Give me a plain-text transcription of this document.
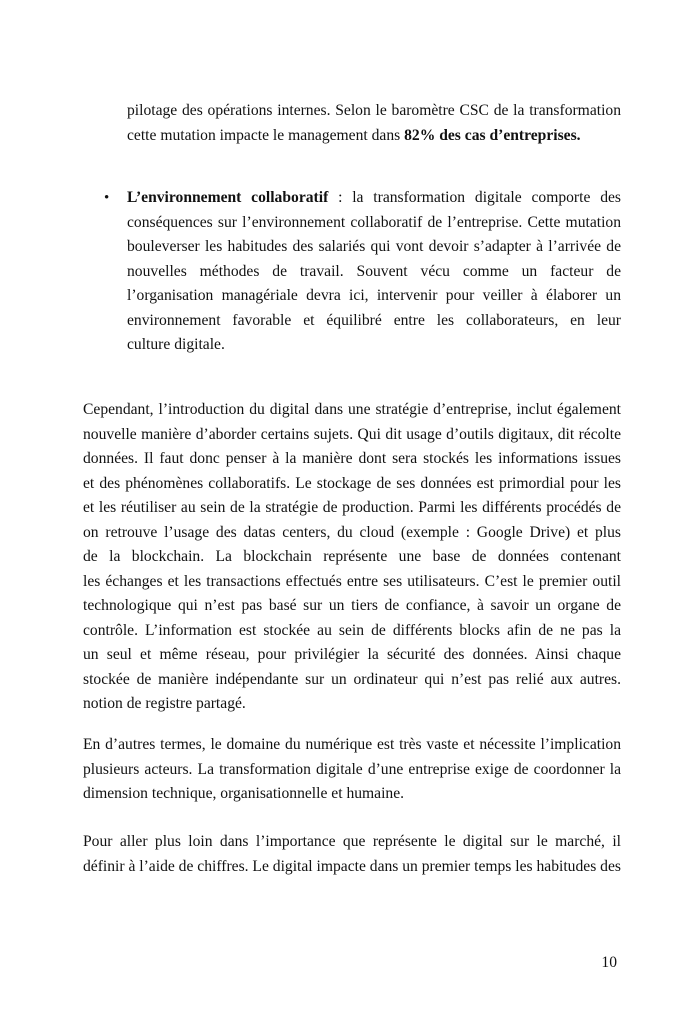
pilotage des opérations internes. Selon le baromètre CSC de la transformation
cette mutation impacte le management dans 82% des cas d’entreprises.
• L’environnement collaboratif : la transformation digitale comporte des
conséquences sur l’environnement collaboratif de l’entreprise. Cette mutation
bouleverser les habitudes des salariés qui vont devoir s’adapter à l’arrivée de
nouvelles méthodes de travail. Souvent vécu comme un facteur de
l’organisation managériale devra ici, intervenir pour veiller à élaborer un
environnement favorable et équilibré entre les collaborateurs, en leur
culture digitale.
Cependant, l’introduction du digital dans une stratégie d’entreprise, inclut également
nouvelle manière d’aborder certains sujets. Qui dit usage d’outils digitaux, dit récolte
données. Il faut donc penser à la manière dont sera stockés les informations issues
et des phénomènes collaboratifs. Le stockage de ses données est primordial pour les
et les réutiliser au sein de la stratégie de production. Parmi les différents procédés de
on retrouve l’usage des datas centers, du cloud (exemple : Google Drive) et plus
de la blockchain. La blockchain représente une base de données contenant
les échanges et les transactions effectués entre ses utilisateurs. C’est le premier outil
technologique qui n’est pas basé sur un tiers de confiance, à savoir un organe de
contrôle. L’information est stockée au sein de différents blocks afin de ne pas la
un seul et même réseau, pour privilégier la sécurité des données. Ainsi chaque
stockée de manière indépendante sur un ordinateur qui n’est pas relié aux autres.
notion de registre partagé.
En d’autres termes, le domaine du numérique est très vaste et nécessite l’implication
plusieurs acteurs. La transformation digitale d’une entreprise exige de coordonner la
dimension technique, organisationnelle et humaine.
Pour aller plus loin dans l’importance que représente le digital sur le marché, il
définir à l’aide de chiffres. Le digital impacte dans un premier temps les habitudes des
10
